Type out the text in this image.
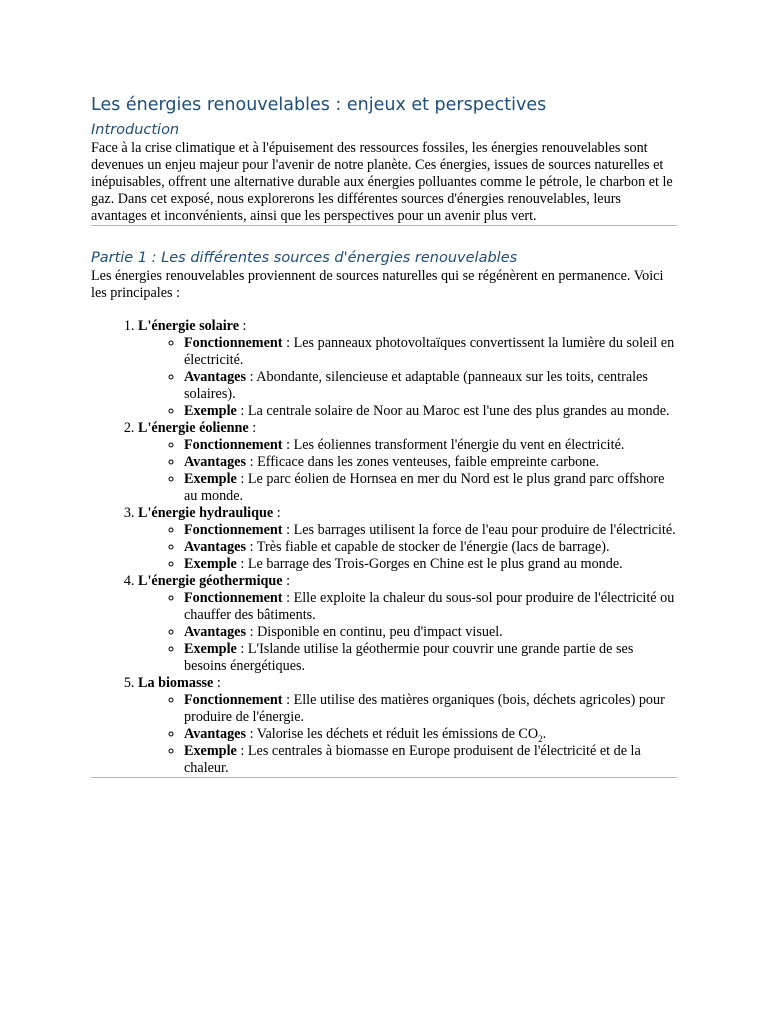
Les énergies renouvelables : enjeux et perspectives
Introduction

Face à la crise climatique et à l'épuisement des ressources fossiles, les énergies renouvelables sont devenues un enjeu majeur pour l'avenir de notre planète. Ces énergies, issues de sources naturelles et inépuisables, offrent une alternative durable aux énergies polluantes comme le pétrole, le charbon et le gaz. Dans cet exposé, nous explorerons les différentes sources d'énergies renouvelables, leurs avantages et inconvénients, ainsi que les perspectives pour un avenir plus vert.

Partie 1 : Les différentes sources d'énergies renouvelables

Les énergies renouvelables proviennent de sources naturelles qui se régénèrent en permanence. Voici les principales :

1. L'énergie solaire :
◦ Fonctionnement : Les panneaux photovoltaïques convertissent la lumière du soleil en électricité.
◦ Avantages : Abondante, silencieuse et adaptable (panneaux sur les toits, centrales solaires).
◦ Exemple : La centrale solaire de Noor au Maroc est l'une des plus grandes au monde.
2. L'énergie éolienne :
◦ Fonctionnement : Les éoliennes transforment l'énergie du vent en électricité.
◦ Avantages : Efficace dans les zones venteuses, faible empreinte carbone.
◦ Exemple : Le parc éolien de Hornsea en mer du Nord est le plus grand parc offshore au monde.
3. L'énergie hydraulique :
◦ Fonctionnement : Les barrages utilisent la force de l'eau pour produire de l'électricité.
◦ Avantages : Très fiable et capable de stocker de l'énergie (lacs de barrage).
◦ Exemple : Le barrage des Trois-Gorges en Chine est le plus grand au monde.
4. L'énergie géothermique :
◦ Fonctionnement : Elle exploite la chaleur du sous-sol pour produire de l'électricité ou chauffer des bâtiments.
◦ Avantages : Disponible en continu, peu d'impact visuel.
◦ Exemple : L'Islande utilise la géothermie pour couvrir une grande partie de ses besoins énergétiques.
5. La biomasse :
◦ Fonctionnement : Elle utilise des matières organiques (bois, déchets agricoles) pour produire de l'énergie.
◦ Avantages : Valorise les déchets et réduit les émissions de $CO_2$.
◦ Exemple : Les centrales à biomasse en Europe produisent de l'électricité et de la chaleur.
